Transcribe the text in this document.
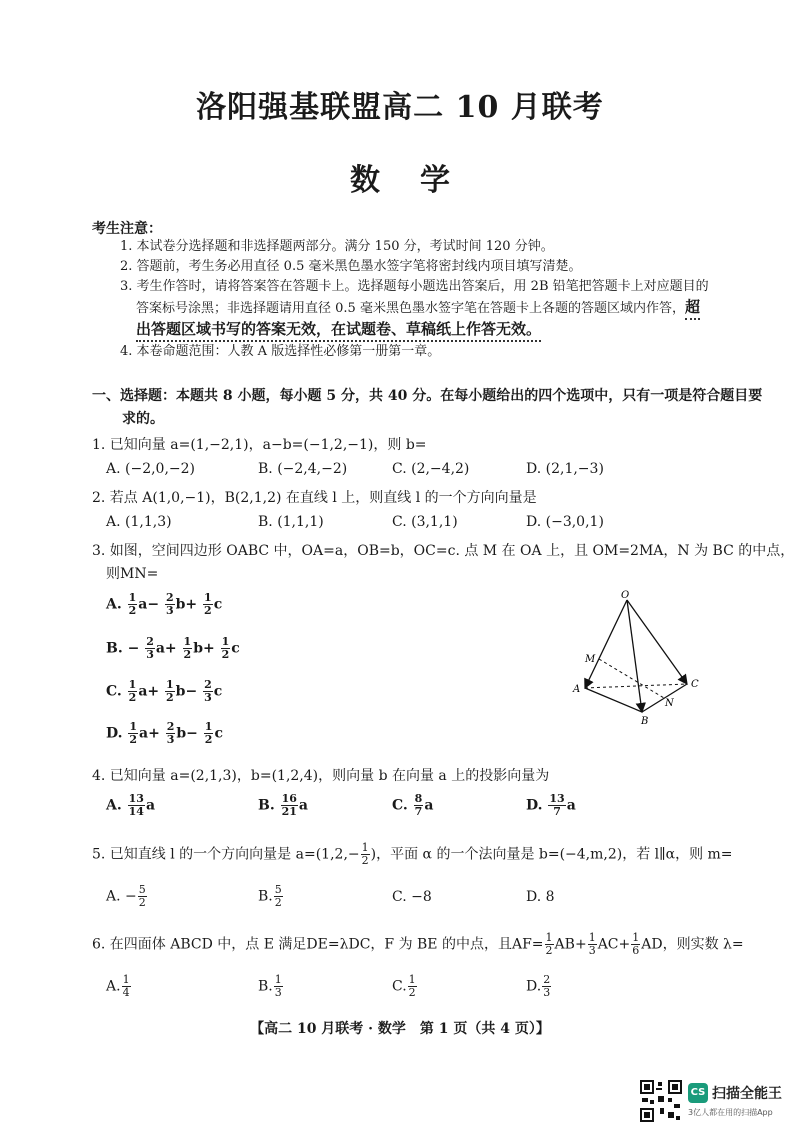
洛阳强基联盟高二 10 月联考
数学
考生注意：
1. 本试卷分选择题和非选择题两部分。满分 150 分，考试时间 120 分钟。
2. 答题前，考生务必用直径 0.5 毫米黑色墨水签字笔将密封线内项目填写清楚。
3. 考生作答时，请将答案答在答题卡上。选择题每小题选出答案后，用 2B 铅笔把答题卡上对应题目的
答案标号涂黑；非选择题请用直径 0.5 毫米黑色墨水签字笔在答题卡上各题的答题区域内作答，超
出答题区域书写的答案无效，在试题卷、草稿纸上作答无效。
4. 本卷命题范围：人教 A 版选择性必修第一册第一章。
一、选择题：本题共 8 小题，每小题 5 分，共 40 分。在每小题给出的四个选项中，只有一项是符合题目要
求的。
1. 已知向量 a=(1,−2,1)，a−b=(−1,2,−1)，则 b=
A. (−2,0,−2)	B. (−2,4,−2)	C. (2,−4,2)	D. (2,1,−3)
2. 若点 A(1,0,−1)，B(2,1,2) 在直线 l 上，则直线 l 的一个方向向量是
A. (1,1,3)	B. (1,1,1)	C. (3,1,1)	D. (−3,0,1)
3. 如图，空间四边形 OABC 中，OA=a，OB=b，OC=c. 点 M 在 OA 上，且 OM=2MA，N 为 BC 的中点，
则MN=
A. $\frac{1}{2} a- \frac{2}{3} b+ \frac{1}{2}$ c
B. − $\frac{2}{3} a+ \frac{1}{2} b+ \frac{1}{2}$ c
C. $\frac{1}{2} a+ \frac{1}{2} b- \frac{2}{3}$ c
D. $\frac{1}{2} a+ \frac{2}{3} b- \frac{1}{2}$ c
O
M
A
B
C
N
4. 已知向量 a=(2,1,3)，b=(1,2,4)，则向量 b 在向量 a 上的投影向量为
A. $\frac{13}{14}$ a	B. $\frac{16}{21}$ a	C. $\frac{8}{7}$ a	D. $\frac{13}{7}$ a
5. 已知直线 l 的一个方向向量是 $a=(1,2,- \frac{1}{2}$ )，平面 α 的一个法向量是 b=(−4,m,2)，若 l∥α，则 m=
A. − $\frac{5}{2}$	B. $\frac{5}{2}$	C. −8	D. 8
6. 在四面体 ABCD 中，点 E 满足DE=λDC，F 为 BE 的中点，且$AF= \frac{1}{2} AB+ \frac{1}{3} AC+ \frac{1}{6}$ AD，则实数 λ=
A. $\frac{1}{4}$	B. $\frac{1}{3}$	C. $\frac{1}{2}$	D. $\frac{2}{3}$
【高二 10 月联考 · 数学　第 1 页（共 4 页）】
CS 扫描全能王
3亿人都在用的扫描App
